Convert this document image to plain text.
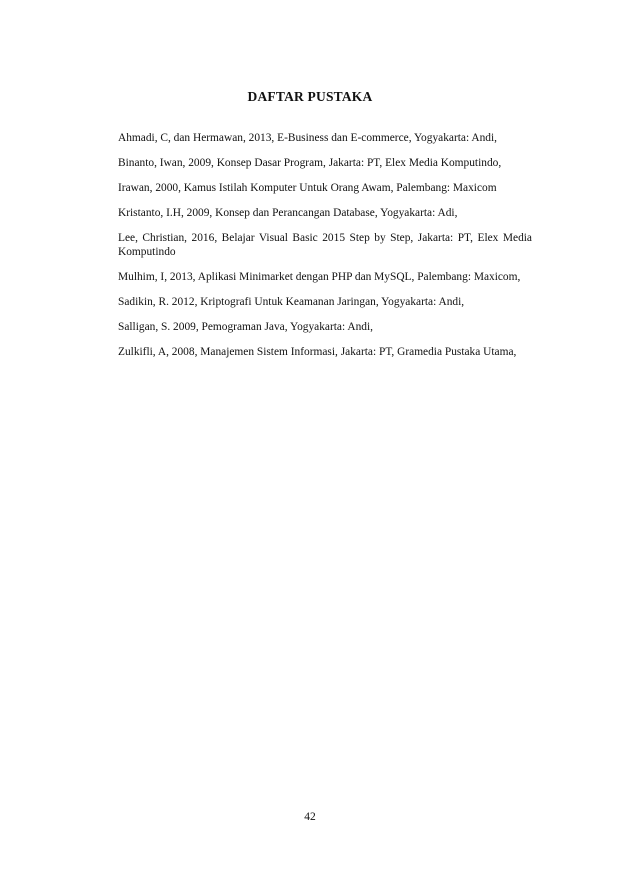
DAFTAR PUSTAKA
Ahmadi, C, dan Hermawan, 2013, E-Business dan E-commerce, Yogyakarta: Andi,
Binanto, Iwan, 2009, Konsep Dasar Program, Jakarta: PT, Elex Media Komputindo,
Irawan, 2000, Kamus Istilah Komputer Untuk Orang Awam, Palembang: Maxicom
Kristanto, I.H, 2009, Konsep dan Perancangan Database, Yogyakarta: Adi,
Lee, Christian, 2016, Belajar Visual Basic 2015 Step by Step, Jakarta: PT, Elex Media Komputindo
Mulhim, I, 2013, Aplikasi Minimarket dengan PHP dan MySQL, Palembang: Maxicom,
Sadikin, R. 2012, Kriptografi Untuk Keamanan Jaringan, Yogyakarta: Andi,
Salligan, S. 2009, Pemograman Java, Yogyakarta: Andi,
Zulkifli, A, 2008, Manajemen Sistem Informasi, Jakarta: PT, Gramedia Pustaka Utama,
42
